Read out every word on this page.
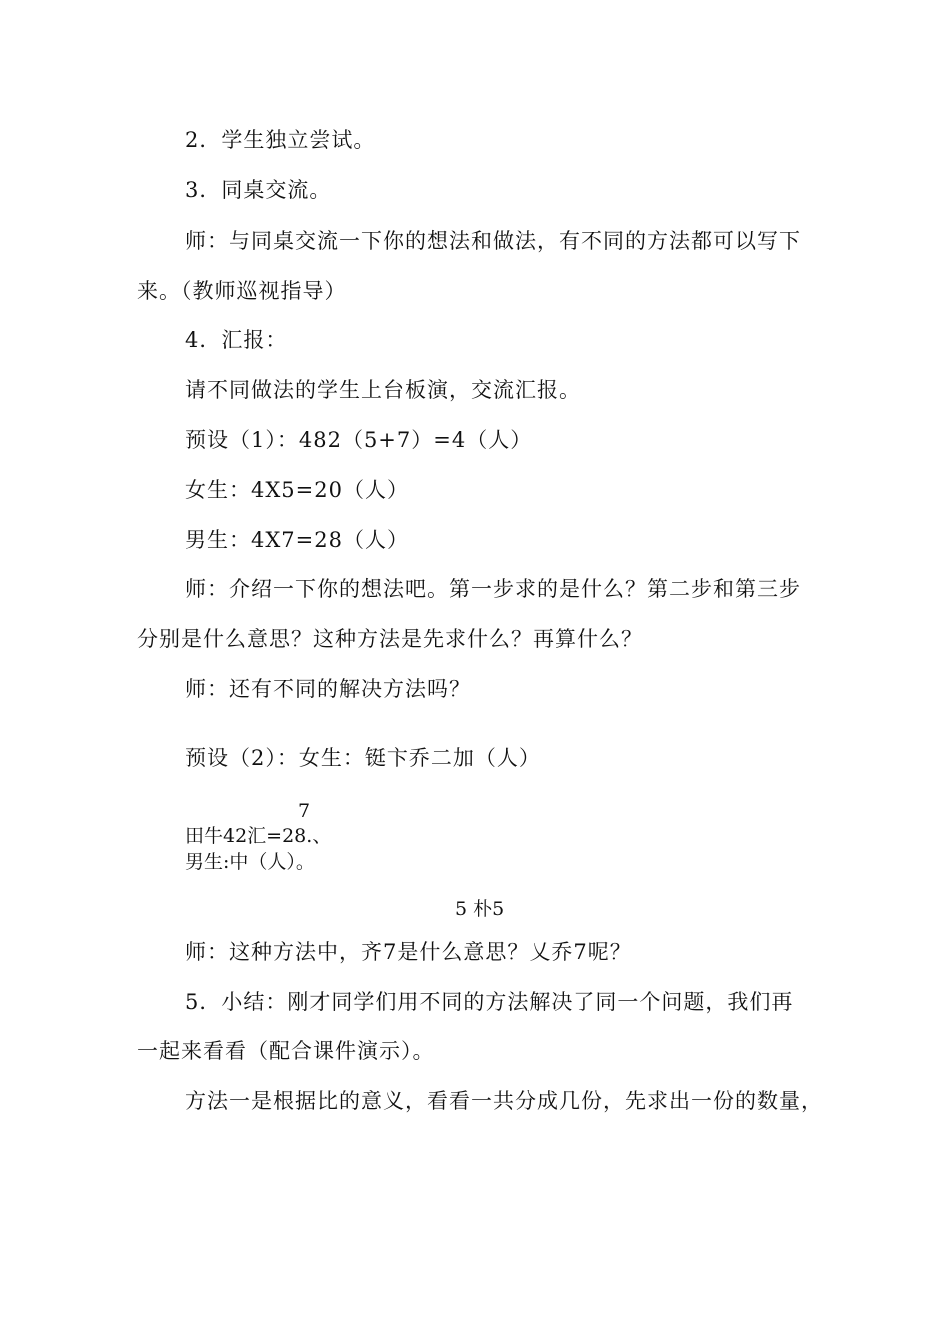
2．学生独立尝试。
3．同桌交流。
师：与同桌交流一下你的想法和做法，有不同的方法都可以写下
来。（教师巡视指导）
4．汇报：
请不同做法的学生上台板演，交流汇报。
预设（1）：482（5+7）=4（人）
女生：4X5=20（人）
男生：4X7=28（人）
师：介绍一下你的想法吧。第一步求的是什么？第二步和第三步
分别是什么意思？这种方法是先求什么？再算什么？
师：还有不同的解决方法吗？
预设（2）：女生：铤卞乔二加（人）
7
田牛42汇=28.、
男生:中（人）。
5 朴5
师：这种方法中，齐7是什么意思？乂乔7呢？
5．小结：刚才同学们用不同的方法解决了同一个问题，我们再
一起来看看（配合课件演示）。
方法一是根据比的意义，看看一共分成几份，先求出一份的数量，
